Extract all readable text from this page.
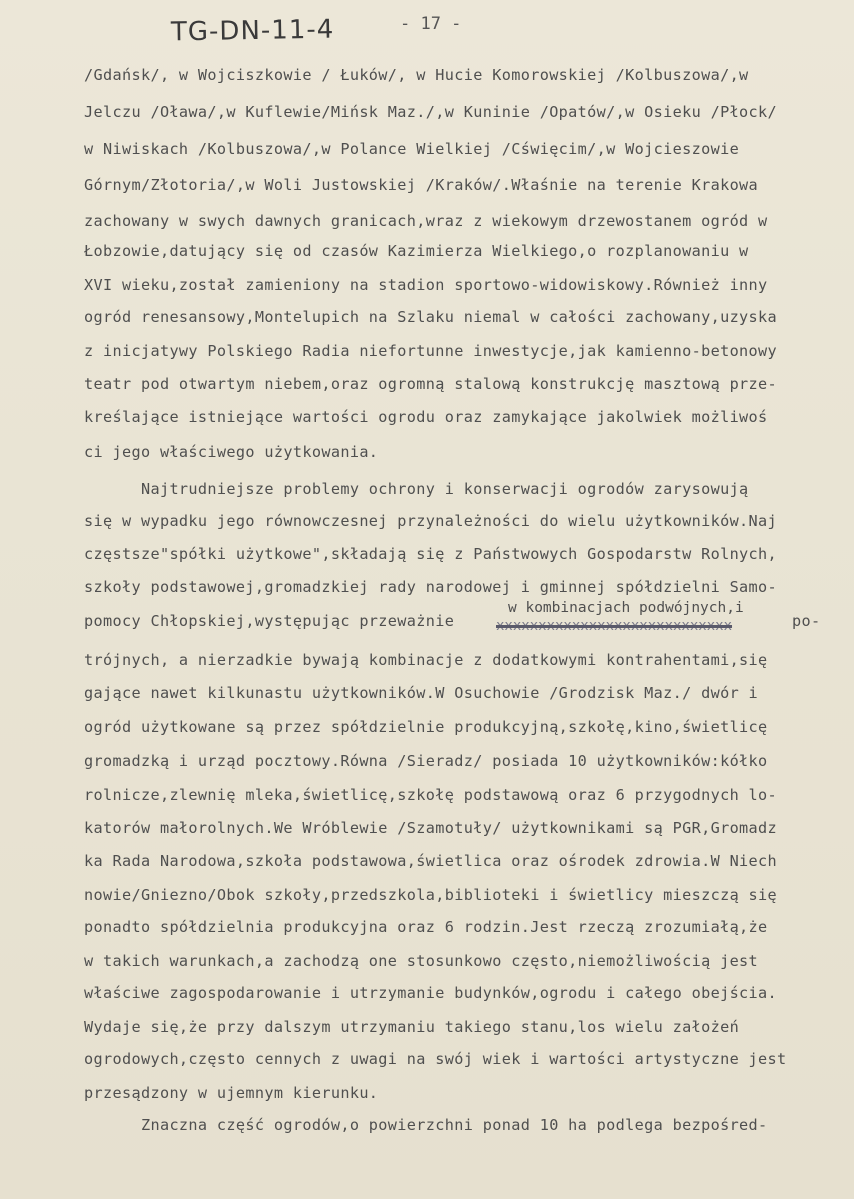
TG-DN-11-4	- 17 -
/Gdańsk/, w Wojciszkowie / Łuków/, w Hucie Komorowskiej /Kolbuszowa/,w
Jelczu /Oława/,w Kuflewie/Mińsk Maz./,w Kuninie /Opatów/,w Osieku /Płock/
w Niwiskach /Kolbuszowa/,w Polance Wielkiej /Cświęcim/,w Wojcieszowie
Górnym/Złotoria/,w Woli Justowskiej /Kraków/.Właśnie na terenie Krakowa
zachowany w swych dawnych granicach,wraz z wiekowym drzewostanem ogród w
Łobzowie,datujący się od czasów Kazimierza Wielkiego,o rozplanowaniu w
XVI wieku,został zamieniony na stadion sportowo-widowiskowy.Również inny
ogród renesansowy,Montelupich na Szlaku niemal w całości zachowany,uzyska
z inicjatywy Polskiego Radia niefortunne inwestycje,jak kamienno-betonowy
teatr pod otwartym niebem,oraz ogromną stalową konstrukcję masztową prze-
kreślające istniejące wartości ogrodu oraz zamykające jakolwiek możliwoś
ci jego właściwego użytkowania.
Najtrudniejsze problemy ochrony i konserwacji ogrodów zarysowują
się w wypadku jego równowczesnej przynależności do wielu użytkowników.Naj
częstsze"spółki użytkowe",składają się z Państwowych Gospodarstw Rolnych,
szkoły podstawowej,gromadzkiej rady narodowej i gminnej spółdzielni Samo-
w kombinacjach podwójnych,i
pomocy Chłopskiej,występując przeważnie	xxxxxxxxxxxxxxxxxxxxxxxxxxxx	po-
trójnych, a nierzadkie bywają kombinacje z dodatkowymi kontrahentami,się
gające nawet kilkunastu użytkowników.W Osuchowie /Grodzisk Maz./ dwór i
ogród użytkowane są przez spółdzielnie produkcyjną,szkołę,kino,świetlicę
gromadzką i urząd pocztowy.Równa /Sieradz/ posiada 10 użytkowników:kółko
rolnicze,zlewnię mleka,świetlicę,szkołę podstawową oraz 6 przygodnych lo-
katorów małorolnych.We Wróblewie /Szamotuły/ użytkownikami są PGR,Gromadz
ka Rada Narodowa,szkoła podstawowa,świetlica oraz ośrodek zdrowia.W Niech
nowie/Gniezno/Obok szkoły,przedszkola,biblioteki i świetlicy mieszczą się
ponadto spółdzielnia produkcyjna oraz 6 rodzin.Jest rzeczą zrozumiałą,że
w takich warunkach,a zachodzą one stosunkowo często,niemożliwością jest
właściwe zagospodarowanie i utrzymanie budynków,ogrodu i całego obejścia.
Wydaje się,że przy dalszym utrzymaniu takiego stanu,los wielu założeń
ogrodowych,często cennych z uwagi na swój wiek i wartości artystyczne jest
przesądzony w ujemnym kierunku.
Znaczna część ogrodów,o powierzchni ponad 10 ha podlega bezpośred-
